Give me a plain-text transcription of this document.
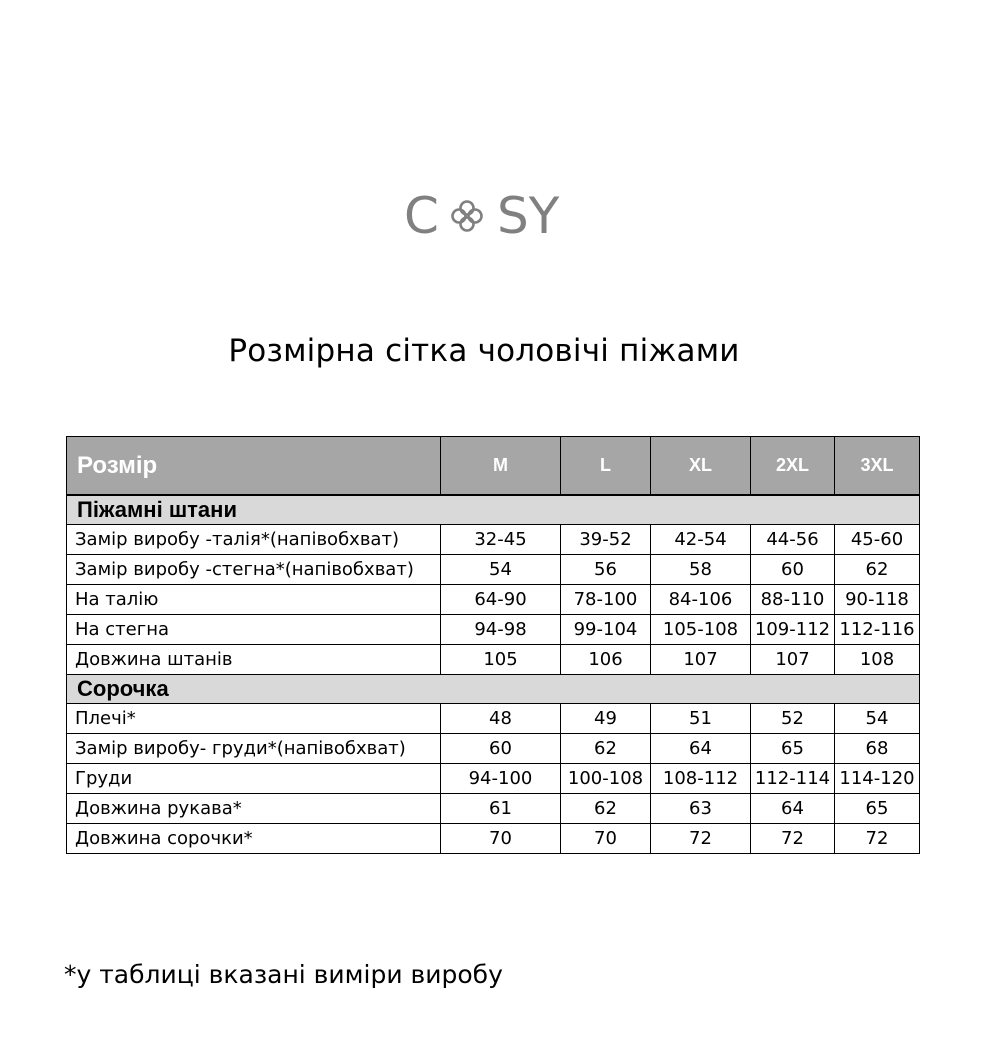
C SY
Розмірна сітка чоловічі піжами
Розмір	M	L	XL	2XL	3XL
Піжамні штани					
Замір виробу -талія*(напівобхват)	32-45	39-52	42-54	44-56	45-60
Замір виробу -стегна*(напівобхват)	54	56	58	60	62
На талію	64-90	78-100	84-106	88-110	90-118
На стегна	94-98	99-104	105-108	109-112	112-116
Довжина штанів	105	106	107	107	108
Сорочка					
Плечі*	48	49	51	52	54
Замір виробу- груди*(напівобхват)	60	62	64	65	68
Груди	94-100	100-108	108-112	112-114	114-120
Довжина рукава*	61	62	63	64	65
Довжина сорочки*	70	70	72	72	72
*у таблиці вказані виміри виробу
